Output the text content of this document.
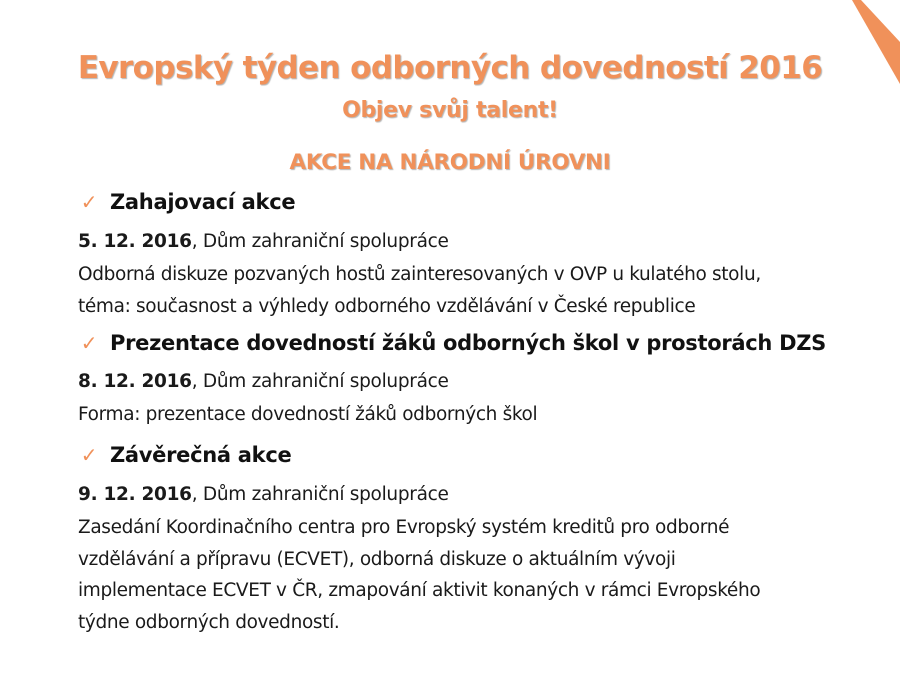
Evropský týden odborných dovedností 2016
Objev svůj talent!
AKCE NA NÁRODNÍ ÚROVNI
✓ Zahajovací akce
5. 12. 2016, Dům zahraniční spolupráce
Odborná diskuze pozvaných hostů zainteresovaných v OVP u kulatého stolu,
téma: současnost a výhledy odborného vzdělávání v České republice
✓ Prezentace dovedností žáků odborných škol v prostorách DZS
8. 12. 2016, Dům zahraniční spolupráce
Forma: prezentace dovedností žáků odborných škol
✓ Závěrečná akce
9. 12. 2016, Dům zahraniční spolupráce
Zasedání Koordinačního centra pro Evropský systém kreditů pro odborné
vzdělávání a přípravu (ECVET), odborná diskuze o aktuálním vývoji
implementace ECVET v ČR, zmapování aktivit konaných v rámci Evropského
týdne odborných dovedností.
